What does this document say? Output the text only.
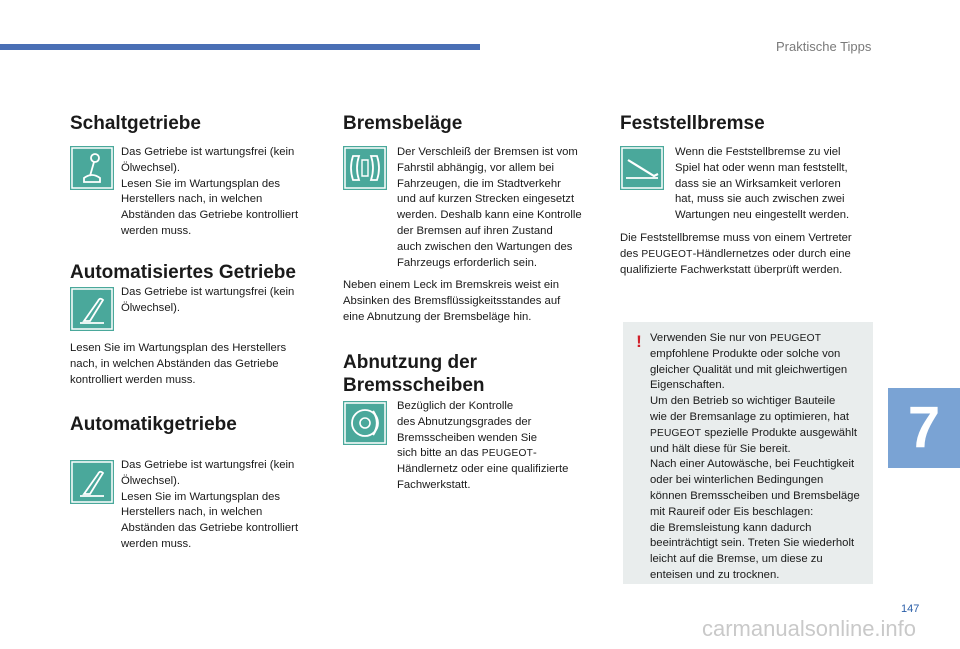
Praktische Tipps
Schaltgetriebe
Das Getriebe ist wartungsfrei (kein
Ölwechsel).
Lesen Sie im Wartungsplan des
Herstellers nach, in welchen
Abständen das Getriebe kontrolliert
werden muss.
Automatisiertes Getriebe
Das Getriebe ist wartungsfrei (kein
Ölwechsel).
Lesen Sie im Wartungsplan des Herstellers
nach, in welchen Abständen das Getriebe
kontrolliert werden muss.
Automatikgetriebe
Das Getriebe ist wartungsfrei (kein
Ölwechsel).
Lesen Sie im Wartungsplan des
Herstellers nach, in welchen
Abständen das Getriebe kontrolliert
werden muss.
Bremsbeläge
Der Verschleiß der Bremsen ist vom
Fahrstil abhängig, vor allem bei
Fahrzeugen, die im Stadtverkehr
und auf kurzen Strecken eingesetzt
werden. Deshalb kann eine Kontrolle
der Bremsen auf ihren Zustand
auch zwischen den Wartungen des
Fahrzeugs erforderlich sein.
Neben einem Leck im Bremskreis weist ein
Absinken des Bremsflüssigkeitsstandes auf
eine Abnutzung der Bremsbeläge hin.
Abnutzung der
Bremsscheiben
Bezüglich der Kontrolle
des Abnutzungsgrades der
Bremsscheiben wenden Sie
sich bitte an das PEUGEOT-
Händlernetz oder eine qualifizierte
Fachwerkstatt.
Feststellbremse
Wenn die Feststellbremse zu viel
Spiel hat oder wenn man feststellt,
dass sie an Wirksamkeit verloren
hat, muss sie auch zwischen zwei
Wartungen neu eingestellt werden.
Die Feststellbremse muss von einem Vertreter
des PEUGEOT-Händlernetzes oder durch eine
qualifizierte Fachwerkstatt überprüft werden.
! Verwenden Sie nur von PEUGEOT
empfohlene Produkte oder solche von
gleicher Qualität und mit gleichwertigen
Eigenschaften.
Um den Betrieb so wichtiger Bauteile
wie der Bremsanlage zu optimieren, hat
PEUGEOT spezielle Produkte ausgewählt
und hält diese für Sie bereit.
Nach einer Autowäsche, bei Feuchtigkeit
oder bei winterlichen Bedingungen
können Bremsscheiben und Bremsbeläge
mit Raureif oder Eis beschlagen:
die Bremsleistung kann dadurch
beeinträchtigt sein. Treten Sie wiederholt
leicht auf die Bremse, um diese zu
enteisen und zu trocknen.
7
147
carmanualsonline.info
